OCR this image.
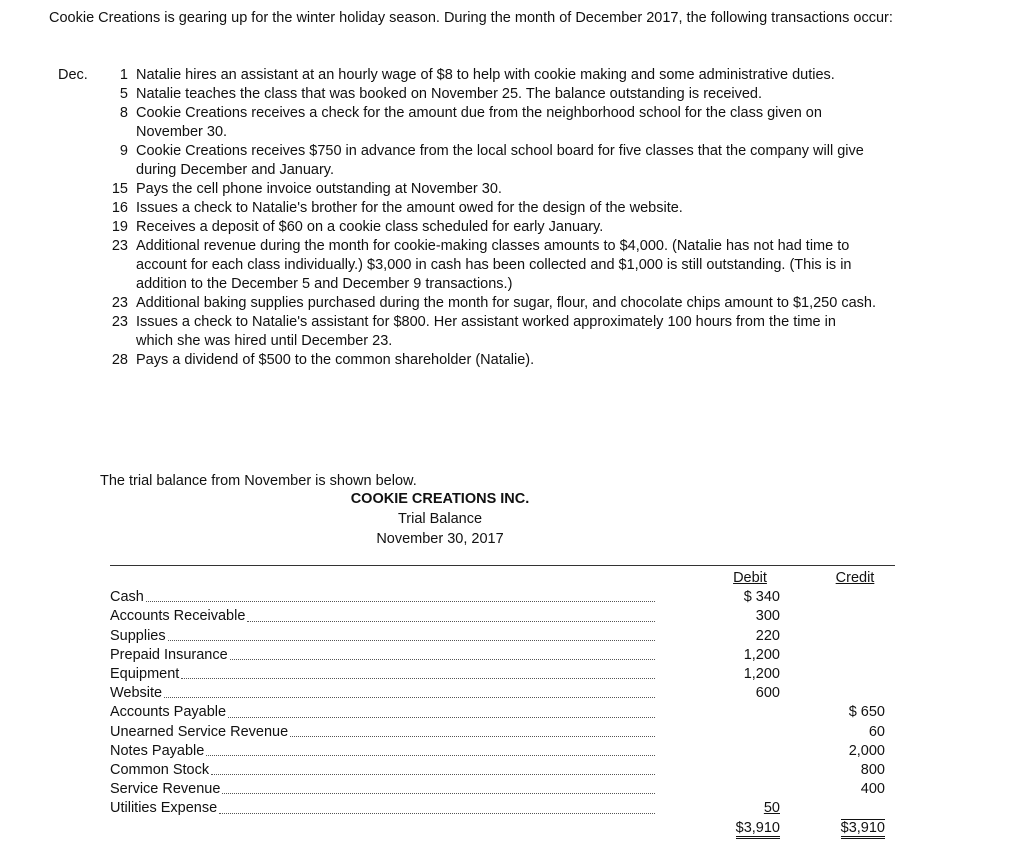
Cookie Creations is gearing up for the winter holiday season. During the month of December 2017, the following transactions occur:
Dec.	1	Natalie hires an assistant at an hourly wage of $8 to help with cookie making and some administrative duties.
	5	Natalie teaches the class that was booked on November 25. The balance outstanding is received.
	8	Cookie Creations receives a check for the amount due from the neighborhood school for the class given on November 30.
	9	Cookie Creations receives $750 in advance from the local school board for five classes that the company will give during December and January.
	15	Pays the cell phone invoice outstanding at November 30.
	16	Issues a check to Natalie's brother for the amount owed for the design of the website.
	19	Receives a deposit of $60 on a cookie class scheduled for early January.
	23	Additional revenue during the month for cookie-making classes amounts to $4,000. (Natalie has not had time to account for each class individually.) $3,000 in cash has been collected and $1,000 is still outstanding. (This is in addition to the December 5 and December 9 transactions.)
	23	Additional baking supplies purchased during the month for sugar, flour, and chocolate chips amount to $1,250 cash.
	23	Issues a check to Natalie's assistant for $800. Her assistant worked approximately 100 hours from the time in which she was hired until December 23.
	28	Pays a dividend of $500 to the common shareholder (Natalie).
The trial balance from November is shown below.
COOKIE CREATIONS INC.
Trial Balance
November 30, 2017
		Debit		Credit

Cash		$ 340		

Accounts Receivable		300		

Supplies		220		

Prepaid Insurance		1,200		

Equipment		1,200		

Website		600		

Accounts Payable				$ 650

Unearned Service Revenue				60

Notes Payable				2,000

Common Stock				800

Service Revenue				400

Utilities Expense		50		
		$3,910		$3,910
